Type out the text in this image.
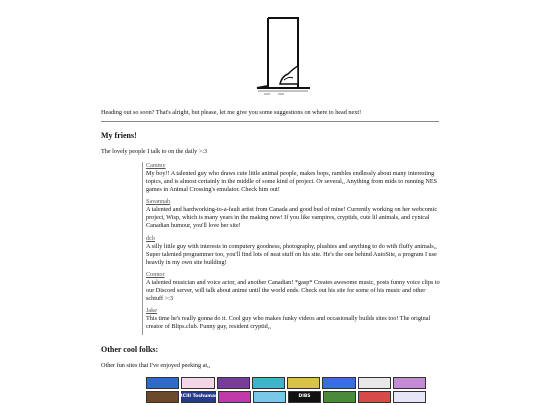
Heading out so soon? That's alright, but please, let me give you some suggestions on where to head next!
My friens!
The lovely people I talk to on the daily >:3
Cammy
My boy!! A talented guy who draws cute little animal people, makes bops, rambles endlessly about many interesting topics, and is almost certainly in the middle of some kind of project. Or several,, Anything from mids to running NES games in Animal Crossing's emulator. Check him out!
Savannah
A talented and hardworking-to-a-fault artist from Canada and good bud of mine! Currently working on her webcomic project, Wisp, which is many years in the making now! If you like vampires, cryptids, cute lil animals, and cynical Canadian humour, you'll love her site!
dcb
A silly little guy with interests in computery goodness, photography, plushies and anything to do with fluffy animals,, Super talented programmer too, you'll find lots of neat stuff on his site. He's the one behind AutoSite, a program I use heavily in my own site building!
Connor
A talented musician and voice actor, and another Canadian! *gasp* Creates awesome music, posts funny voice clips to our Discord server, will talk about anime until the world ends. Check out his site for some of his music and other schtuff >:3
Jake
This time he's really gonna do it. Cool guy who makes funky videos and occasionally builds sites too! The original creator of Blips.club. Funny guy, resident cryptid,,
Other cool folks:
Other fun sites that I've enjoyed peeking at,,
RCIII Toshumas	DIBS
